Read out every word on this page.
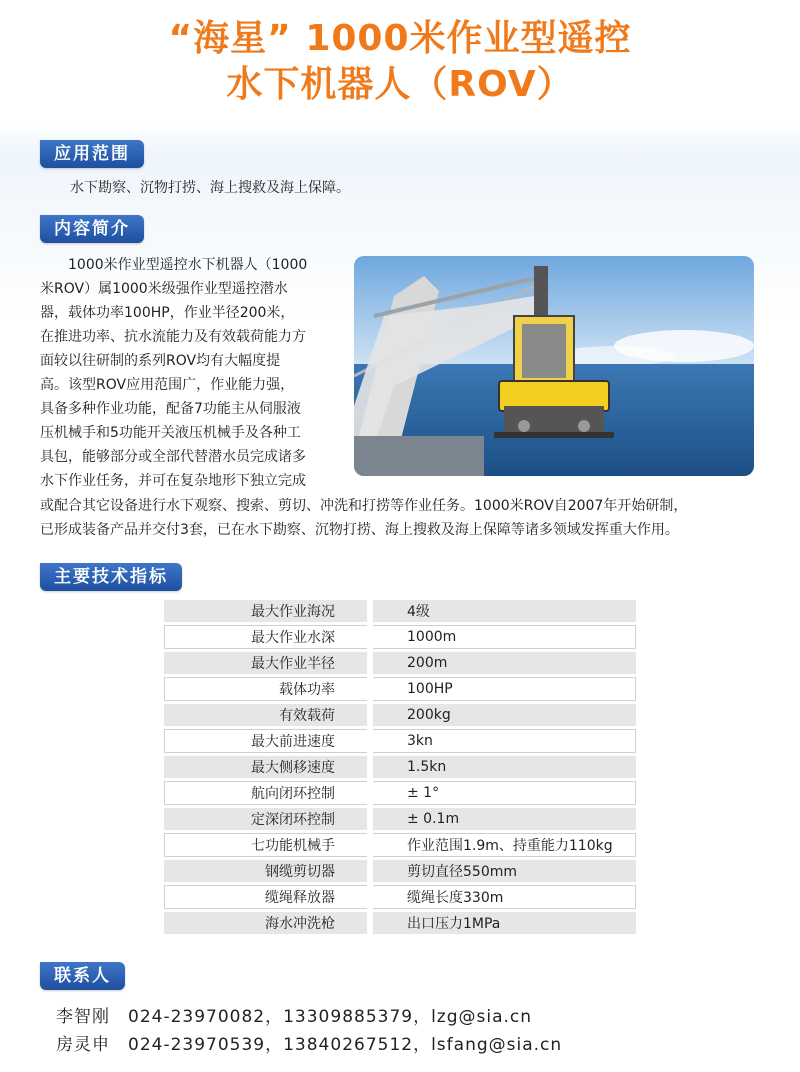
“海星” 1000米作业型遥控
水下机器人（ROV）
应用范围
水下勘察、沉物打捞、海上搜救及海上保障。
内容简介
　　1000米作业型遥控水下机器人（1000
米ROV）属1000米级强作业型遥控潜水
器，载体功率100HP，作业半径200米，
在推进功率、抗水流能力及有效载荷能力方
面较以往研制的系列ROV均有大幅度提
高。该型ROV应用范围广，作业能力强，
具备多种作业功能，配备7功能主从伺服液
压机械手和5功能开关液压机械手及各种工
具包，能够部分或全部代替潜水员完成诸多
水下作业任务，并可在复杂地形下独立完成
或配合其它设备进行水下观察、搜索、剪切、冲洗和打捞等作业任务。1000米ROV自2007年开始研制，
已形成装备产品并交付3套，已在水下勘察、沉物打捞、海上搜救及海上保障等诸多领域发挥重大作用。
主要技术指标
最大作业海况		4级
最大作业水深		1000m
最大作业半径		200m
载体功率		100HP
有效载荷		200kg
最大前进速度		3kn
最大侧移速度		1.5kn
航向闭环控制		± 1°
定深闭环控制		± 0.1m
七功能机械手		作业范围1.9m、持重能力110kg
钢缆剪切器		剪切直径550mm
缆绳释放器		缆绳长度330m
海水冲洗枪		出口压力1MPa
联系人
李智刚　 024-23970082，13309885379，lzg@sia.cn
房灵申　 024-23970539，13840267512，lsfang@sia.cn
